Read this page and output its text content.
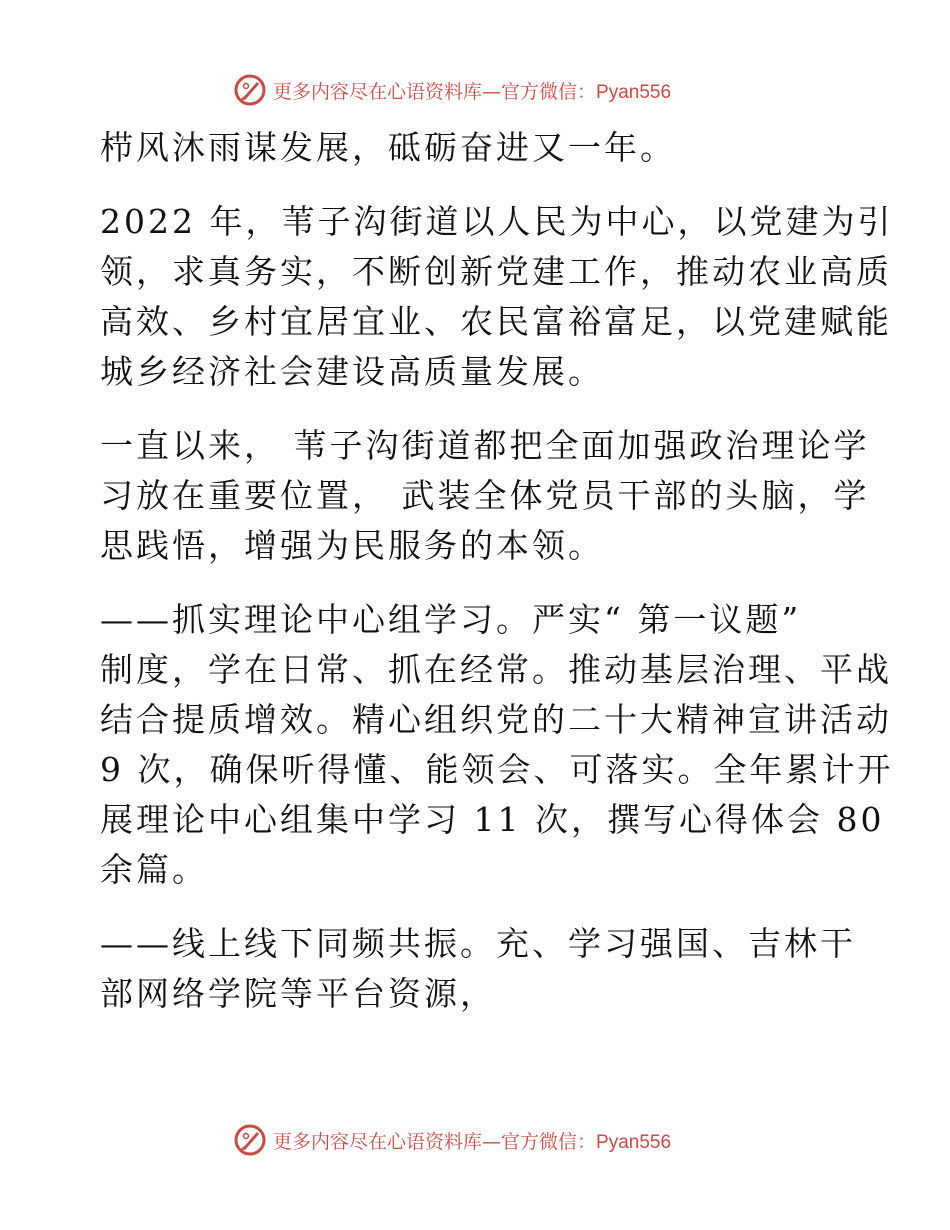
更多内容尽在心语资料库—官方微信：Pyan556

栉风沐雨谋发展，砥砺奋进又一年。

2022 年，苇子沟街道以人民为中心，以党建为引
领，求真务实，不断创新党建工作，推动农业高质
高效、乡村宜居宜业、农民富裕富足，以党建赋能
城乡经济社会建设高质量发展。

一直以来， 苇子沟街道都把全面加强政治理论学
习放在重要位置， 武装全体党员干部的头脑，学
思践悟，增强为民服务的本领。

——抓实理论中心组学习。严实“ 第一议题”
制度，学在日常、抓在经常。推动基层治理、平战
结合提质增效。精心组织党的二十大精神宣讲活动
9 次，确保听得懂、能领会、可落实。全年累计开
展理论中心组集中学习 11 次，撰写心得体会 80
余篇。

——线上线下同频共振。充、学习强国、吉林干
部网络学院等平台资源，

更多内容尽在心语资料库—官方微信：Pyan556
